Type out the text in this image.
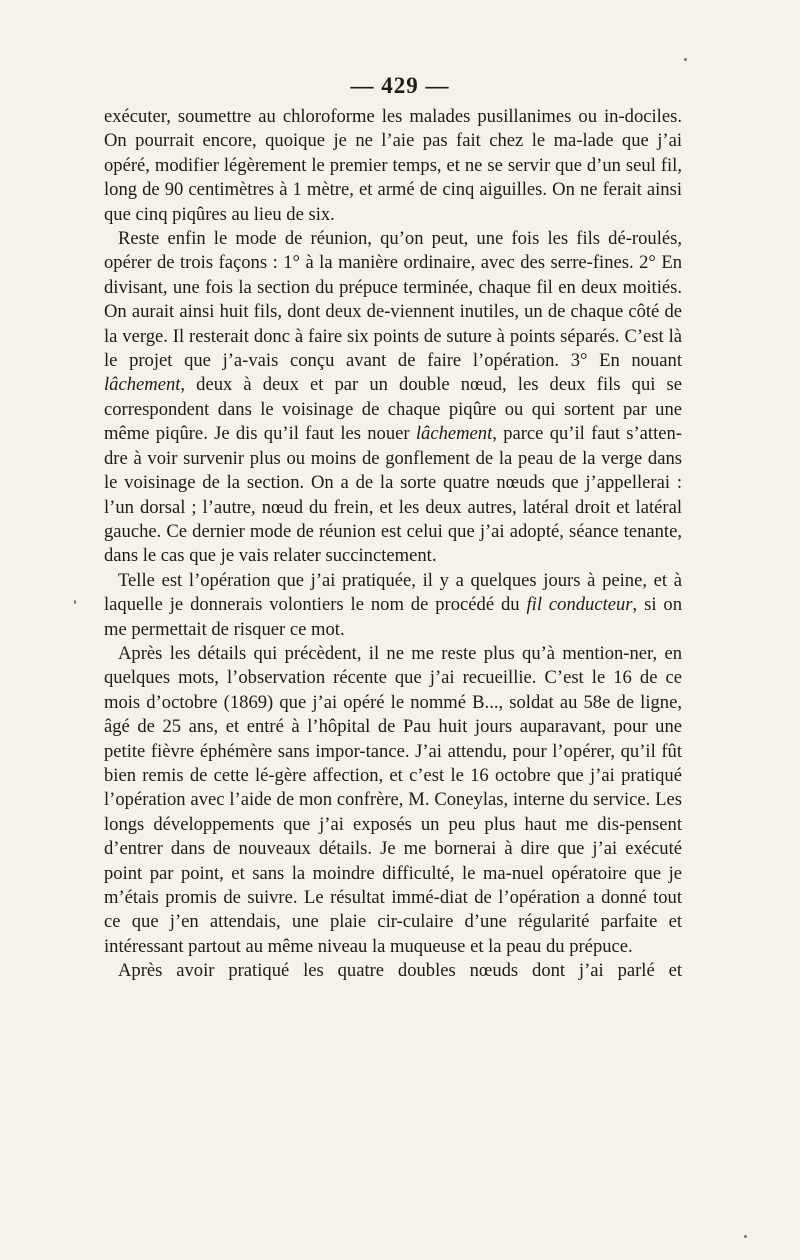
— 429 —

exécuter, soumettre au chloroforme les malades pusillanimes ou in-dociles. On pourrait encore, quoique je ne l’aie pas fait chez le ma-lade que j’ai opéré, modifier légèrement le premier temps, et ne se servir que d’un seul fil, long de 90 centimètres à 1 mètre, et armé de cinq aiguilles. On ne ferait ainsi que cinq piqûres au lieu de six.

Reste enfin le mode de réunion, qu’on peut, une fois les fils dé-roulés, opérer de trois façons : 1° à la manière ordinaire, avec des serre-fines. 2° En divisant, une fois la section du prépuce terminée, chaque fil en deux moitiés. On aurait ainsi huit fils, dont deux de-viennent inutiles, un de chaque côté de la verge. Il resterait donc à faire six points de suture à points séparés. C’est là le projet que j’a-vais conçu avant de faire l’opération. 3° En nouant lâchement, deux à deux et par un double nœud, les deux fils qui se correspondent dans le voisinage de chaque piqûre ou qui sortent par une même piqûre. Je dis qu’il faut les nouer lâchement, parce qu’il faut s’atten-dre à voir survenir plus ou moins de gonflement de la peau de la verge dans le voisinage de la section. On a de la sorte quatre nœuds que j’appellerai : l’un dorsal ; l’autre, nœud du frein, et les deux autres, latéral droit et latéral gauche. Ce dernier mode de réunion est celui que j’ai adopté, séance tenante, dans le cas que je vais relater succinctement.

Telle est l’opération que j’ai pratiquée, il y a quelques jours à peine, et à laquelle je donnerais volontiers le nom de procédé du fil conducteur, si on me permettait de risquer ce mot.

Après les détails qui précèdent, il ne me reste plus qu’à mention-ner, en quelques mots, l’observation récente que j’ai recueillie. C’est le 16 de ce mois d’octobre (1869) que j’ai opéré le nommé B..., soldat au 58e de ligne, âgé de 25 ans, et entré à l’hôpital de Pau huit jours auparavant, pour une petite fièvre éphémère sans impor-tance. J’ai attendu, pour l’opérer, qu’il fût bien remis de cette lé-gère affection, et c’est le 16 octobre que j’ai pratiqué l’opération avec l’aide de mon confrère, M. Coneylas, interne du service. Les longs développements que j’ai exposés un peu plus haut me dis-pensent d’entrer dans de nouveaux détails. Je me bornerai à dire que j’ai exécuté point par point, et sans la moindre difficulté, le ma-nuel opératoire que je m’étais promis de suivre. Le résultat immé-diat de l’opération a donné tout ce que j’en attendais, une plaie cir-culaire d’une régularité parfaite et intéressant partout au même niveau la muqueuse et la peau du prépuce.

Après avoir pratiqué les quatre doubles nœuds dont j’ai parlé et
